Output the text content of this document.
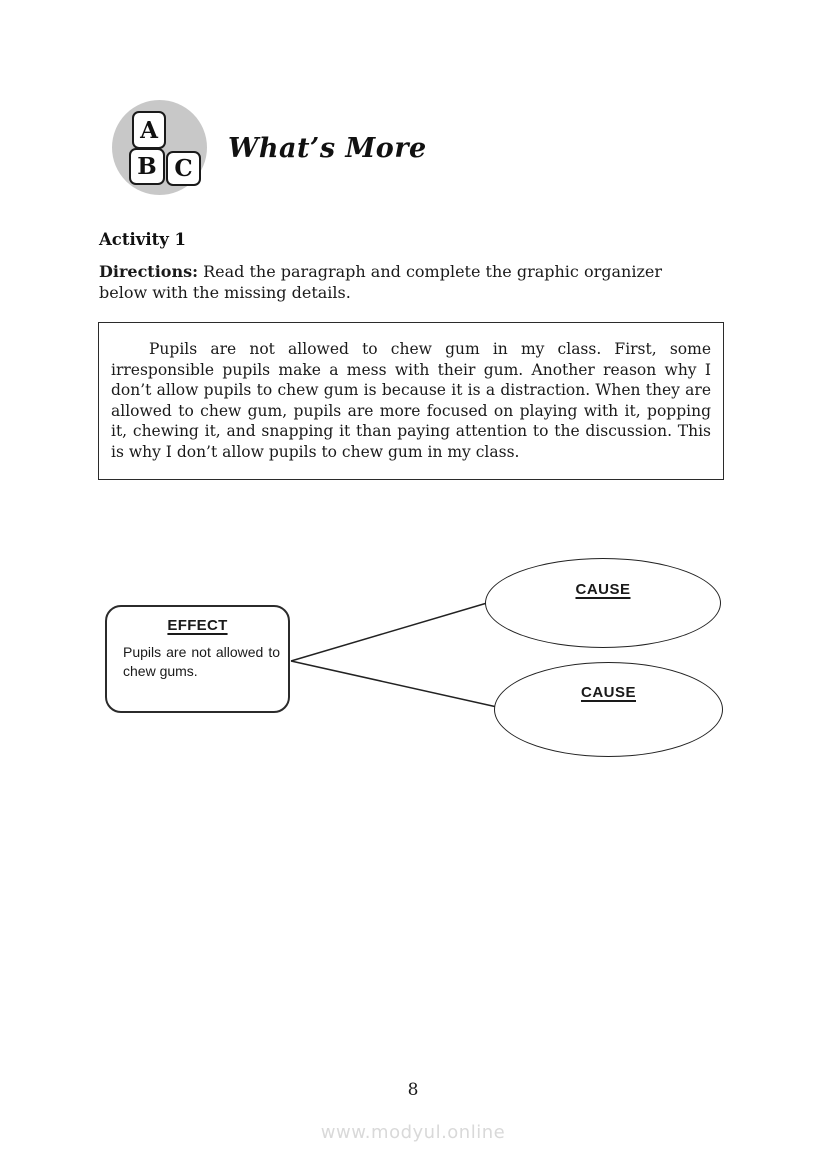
A
B C
What’s More
Activity 1

Directions: Read the paragraph and complete the graphic organizer below with the missing details.

Pupils are not allowed to chew gum in my class. First, some irresponsible pupils make a mess with their gum. Another reason why I don’t allow pupils to chew gum is because it is a distraction. When they are allowed to chew gum, pupils are more focused on playing with it, popping it, chewing it, and snapping it than paying attention to the discussion. This is why I don’t allow pupils to chew gum in my class.

EFFECT

Pupils are not allowed to chew gums.

CAUSE
CAUSE
8
www.modyul.online
